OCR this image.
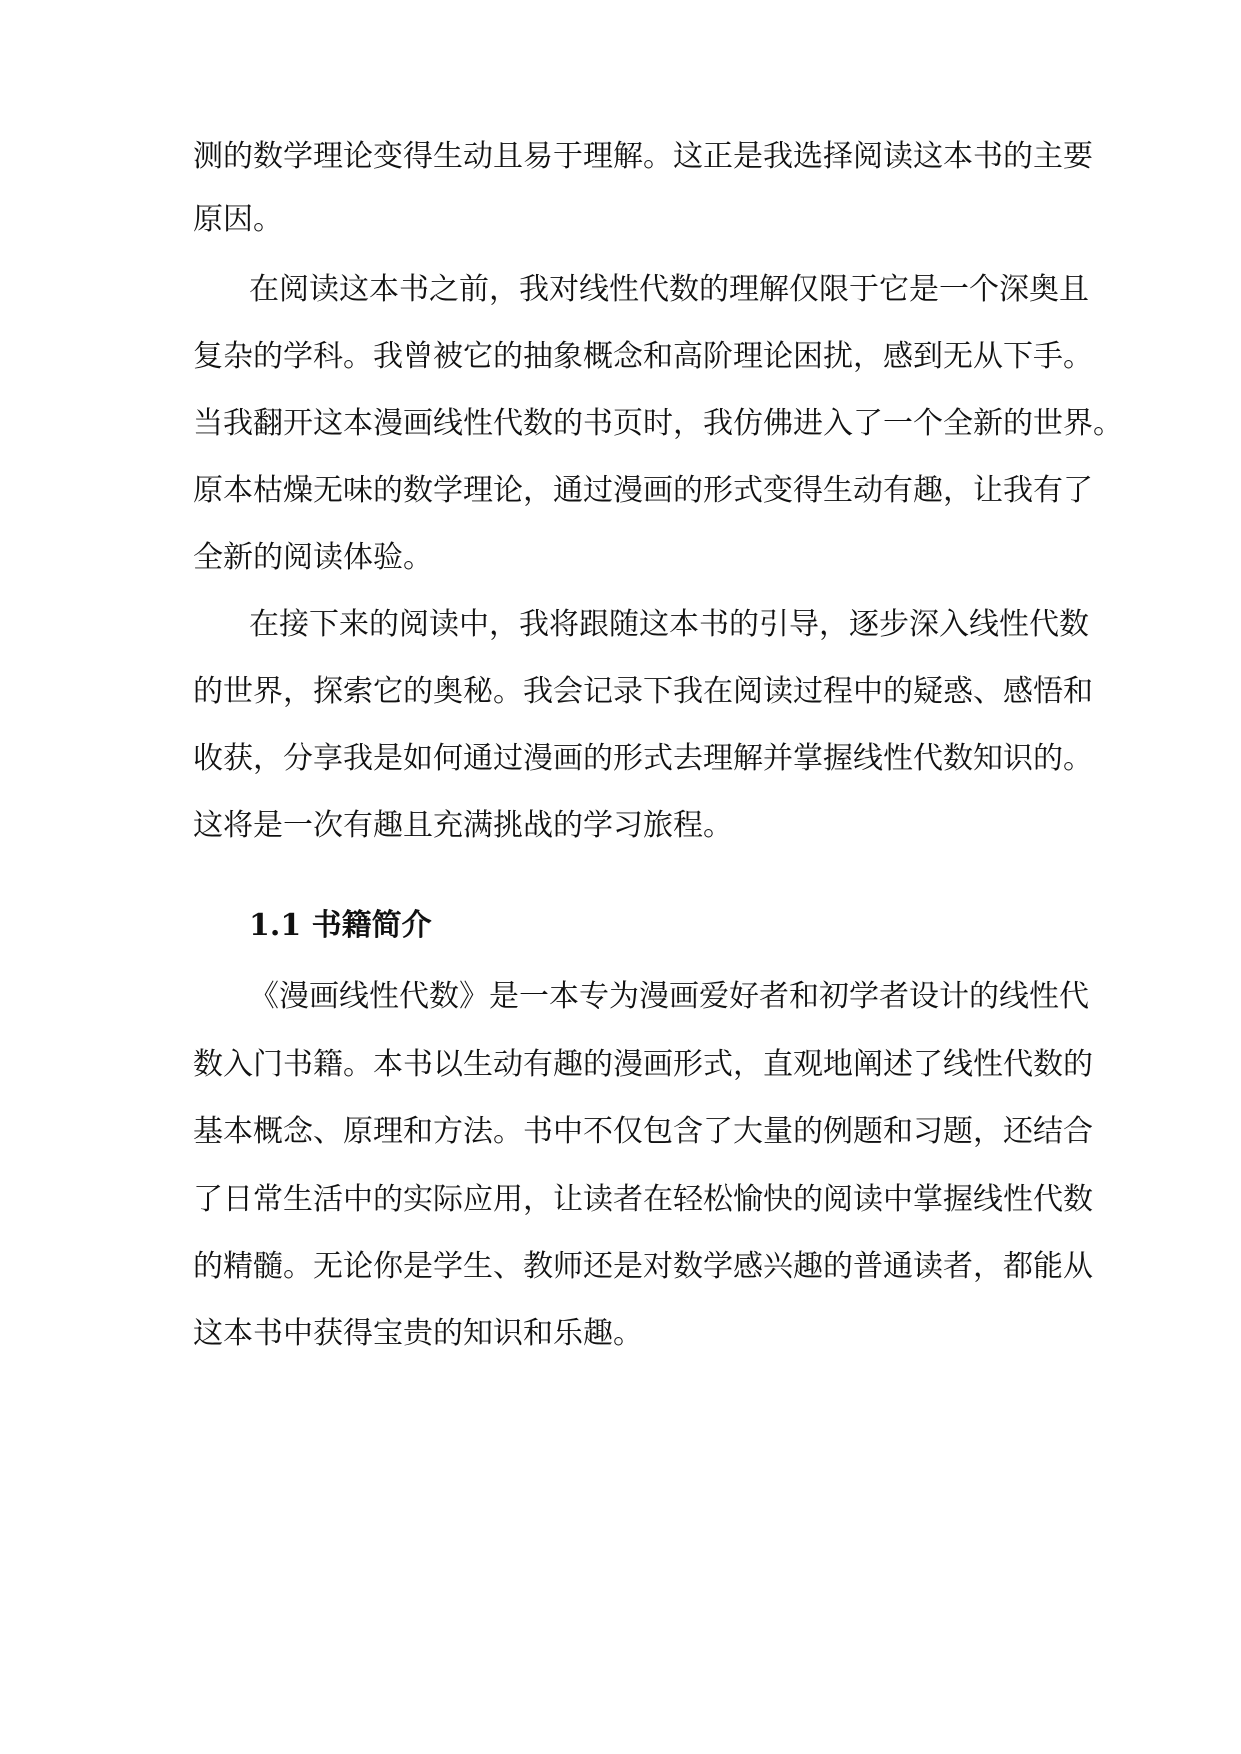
测的数学理论变得生动且易于理解。这正是我选择阅读这本书的主要
原因。
在阅读这本书之前，我对线性代数的理解仅限于它是一个深奥且
复杂的学科。我曾被它的抽象概念和高阶理论困扰，感到无从下手。
当我翻开这本漫画线性代数的书页时，我仿佛进入了一个全新的世界。
原本枯燥无味的数学理论，通过漫画的形式变得生动有趣，让我有了
全新的阅读体验。
在接下来的阅读中，我将跟随这本书的引导，逐步深入线性代数
的世界，探索它的奥秘。我会记录下我在阅读过程中的疑惑、感悟和
收获，分享我是如何通过漫画的形式去理解并掌握线性代数知识的。
这将是一次有趣且充满挑战的学习旅程。
1.1 书籍简介
《漫画线性代数》是一本专为漫画爱好者和初学者设计的线性代
数入门书籍。本书以生动有趣的漫画形式，直观地阐述了线性代数的
基本概念、原理和方法。书中不仅包含了大量的例题和习题，还结合
了日常生活中的实际应用，让读者在轻松愉快的阅读中掌握线性代数
的精髓。无论你是学生、教师还是对数学感兴趣的普通读者，都能从
这本书中获得宝贵的知识和乐趣。
